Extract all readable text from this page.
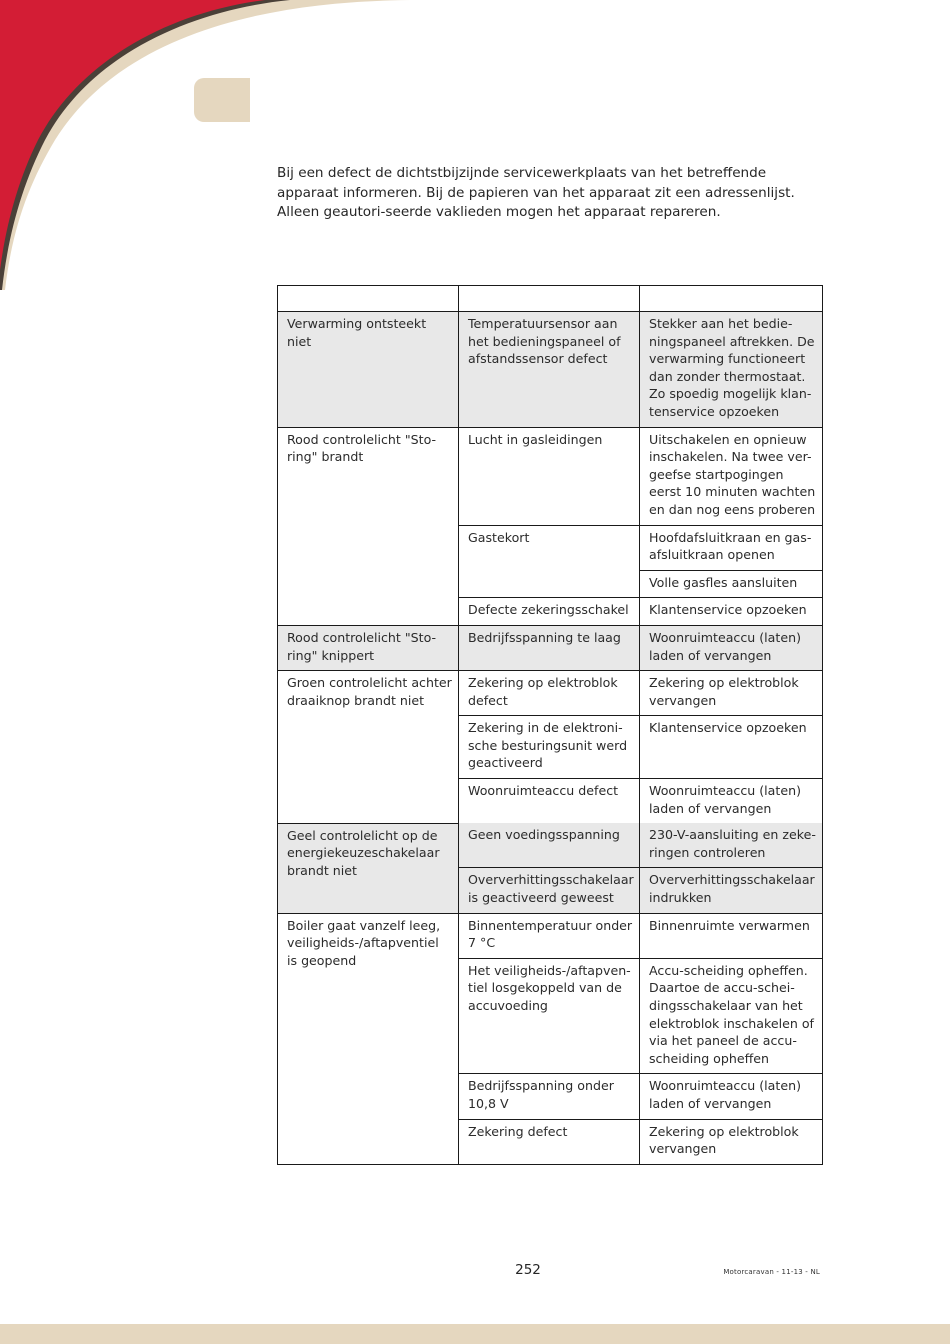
Bij een defect de dichtstbijzijnde servicewerkplaats van het betreffende apparaat informeren. Bij de papieren van het apparaat zit een adressenlijst. Alleen geautori-seerde vaklieden mogen het apparaat repareren.

Verwarming ontsteekt niet	Temperatuursensor aan het bedieningspaneel of afstandssensor defect	Stekker aan het bedie-ningspaneel aftrekken. De verwarming functioneert dan zonder thermostaat. Zo spoedig mogelijk klan-tenservice opzoeken
Rood controlelicht "Sto-ring" brandt	Lucht in gasleidingen	Uitschakelen en opnieuw inschakelen. Na twee ver-geefse startpogingen eerst 10 minuten wachten en dan nog eens proberen
	Gastekort	Hoofdafsluitkraan en gas-afsluitkraan openen
		Volle gasfles aansluiten
	Defecte zekeringsschakel	Klantenservice opzoeken
Rood controlelicht "Sto-ring" knippert	Bedrijfsspanning te laag	Woonruimteaccu (laten) laden of vervangen
Groen controlelicht achter draaiknop brandt niet	Zekering op elektroblok defect	Zekering op elektroblok vervangen
	Zekering in de elektroni-sche besturingsunit werd geactiveerd	Klantenservice opzoeken
	Woonruimteaccu defect	Woonruimteaccu (laten) laden of vervangen
Geel controlelicht op de energiekeuzeschakelaar brandt niet	Geen voedingsspanning	230-V-aansluiting en zeke-ringen controleren
	Oververhittingsschakelaar is geactiveerd geweest	Oververhittingsschakelaar indrukken
Boiler gaat vanzelf leeg, veiligheids-/aftapventiel is geopend	Binnentemperatuur onder 7 °C	Binnenruimte verwarmen
	Het veiligheids-/aftapven-tiel losgekoppeld van de accuvoeding	Accu-scheiding opheffen. Daartoe de accu-schei-dingsschakelaar van het elektroblok inschakelen of via het paneel de accu-scheiding opheffen
	Bedrijfsspanning onder 10,8 V	Woonruimteaccu (laten) laden of vervangen
	Zekering defect	Zekering op elektroblok vervangen
252	Motorcaravan - 11-13 - NL
